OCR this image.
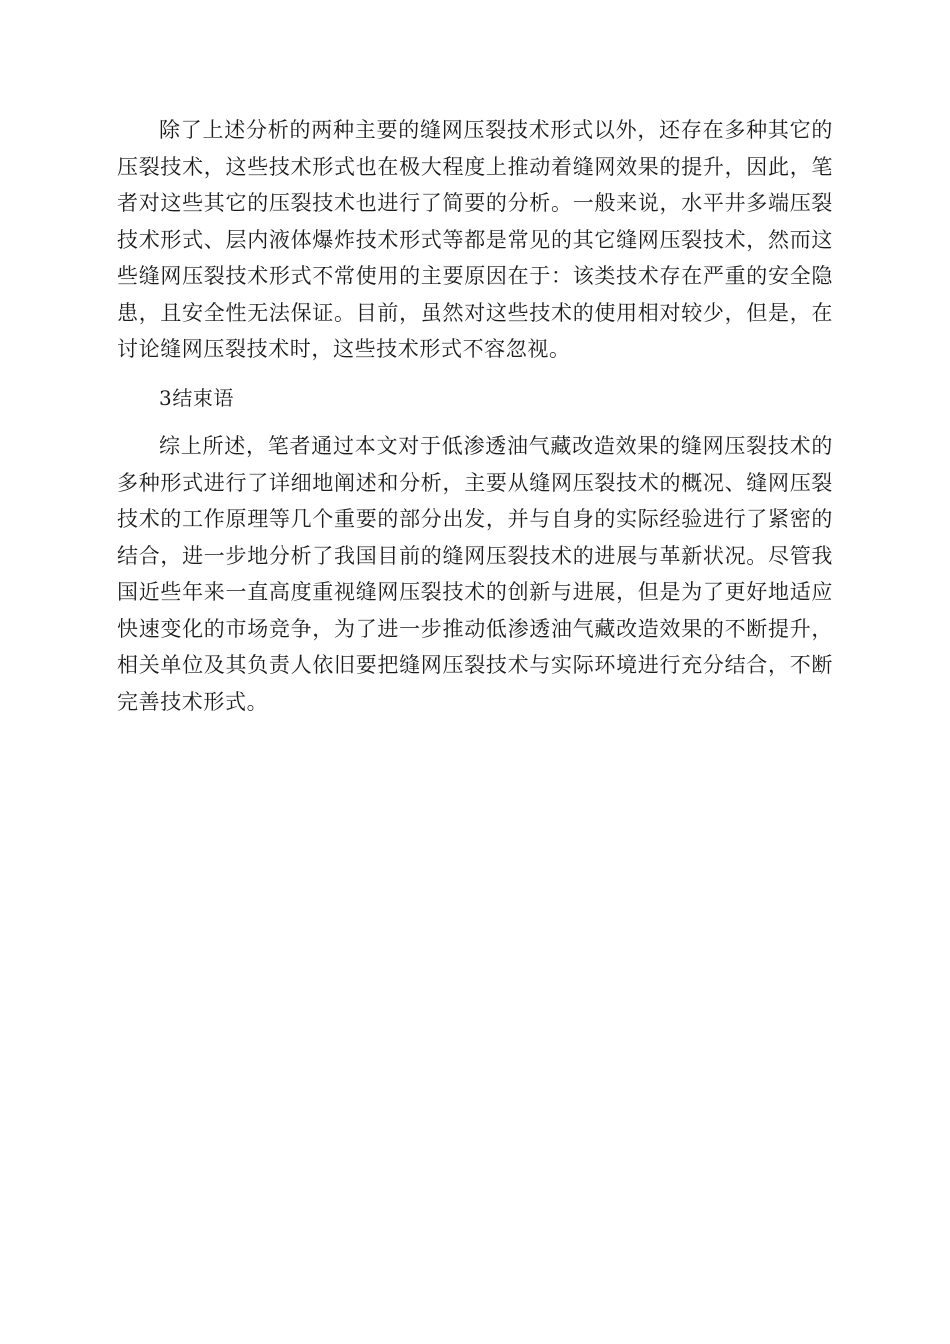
除了上述分析的两种主要的缝网压裂技术形式以外，还存在多种其它的压裂技术，这些技术形式也在极大程度上推动着缝网效果的提升，因此，笔者对这些其它的压裂技术也进行了简要的分析。一般来说，水平井多端压裂技术形式、层内液体爆炸技术形式等都是常见的其它缝网压裂技术，然而这些缝网压裂技术形式不常使用的主要原因在于：该类技术存在严重的安全隐患，且安全性无法保证。目前，虽然对这些技术的使用相对较少，但是，在讨论缝网压裂技术时，这些技术形式不容忽视。

3结束语

综上所述，笔者通过本文对于低渗透油气藏改造效果的缝网压裂技术的多种形式进行了详细地阐述和分析，主要从缝网压裂技术的概况、缝网压裂技术的工作原理等几个重要的部分出发，并与自身的实际经验进行了紧密的结合，进一步地分析了我国目前的缝网压裂技术的进展与革新状况。尽管我国近些年来一直高度重视缝网压裂技术的创新与进展，但是为了更好地适应快速变化的市场竞争，为了进一步推动低渗透油气藏改造效果的不断提升，相关单位及其负责人依旧要把缝网压裂技术与实际环境进行充分结合，不断完善技术形式。
